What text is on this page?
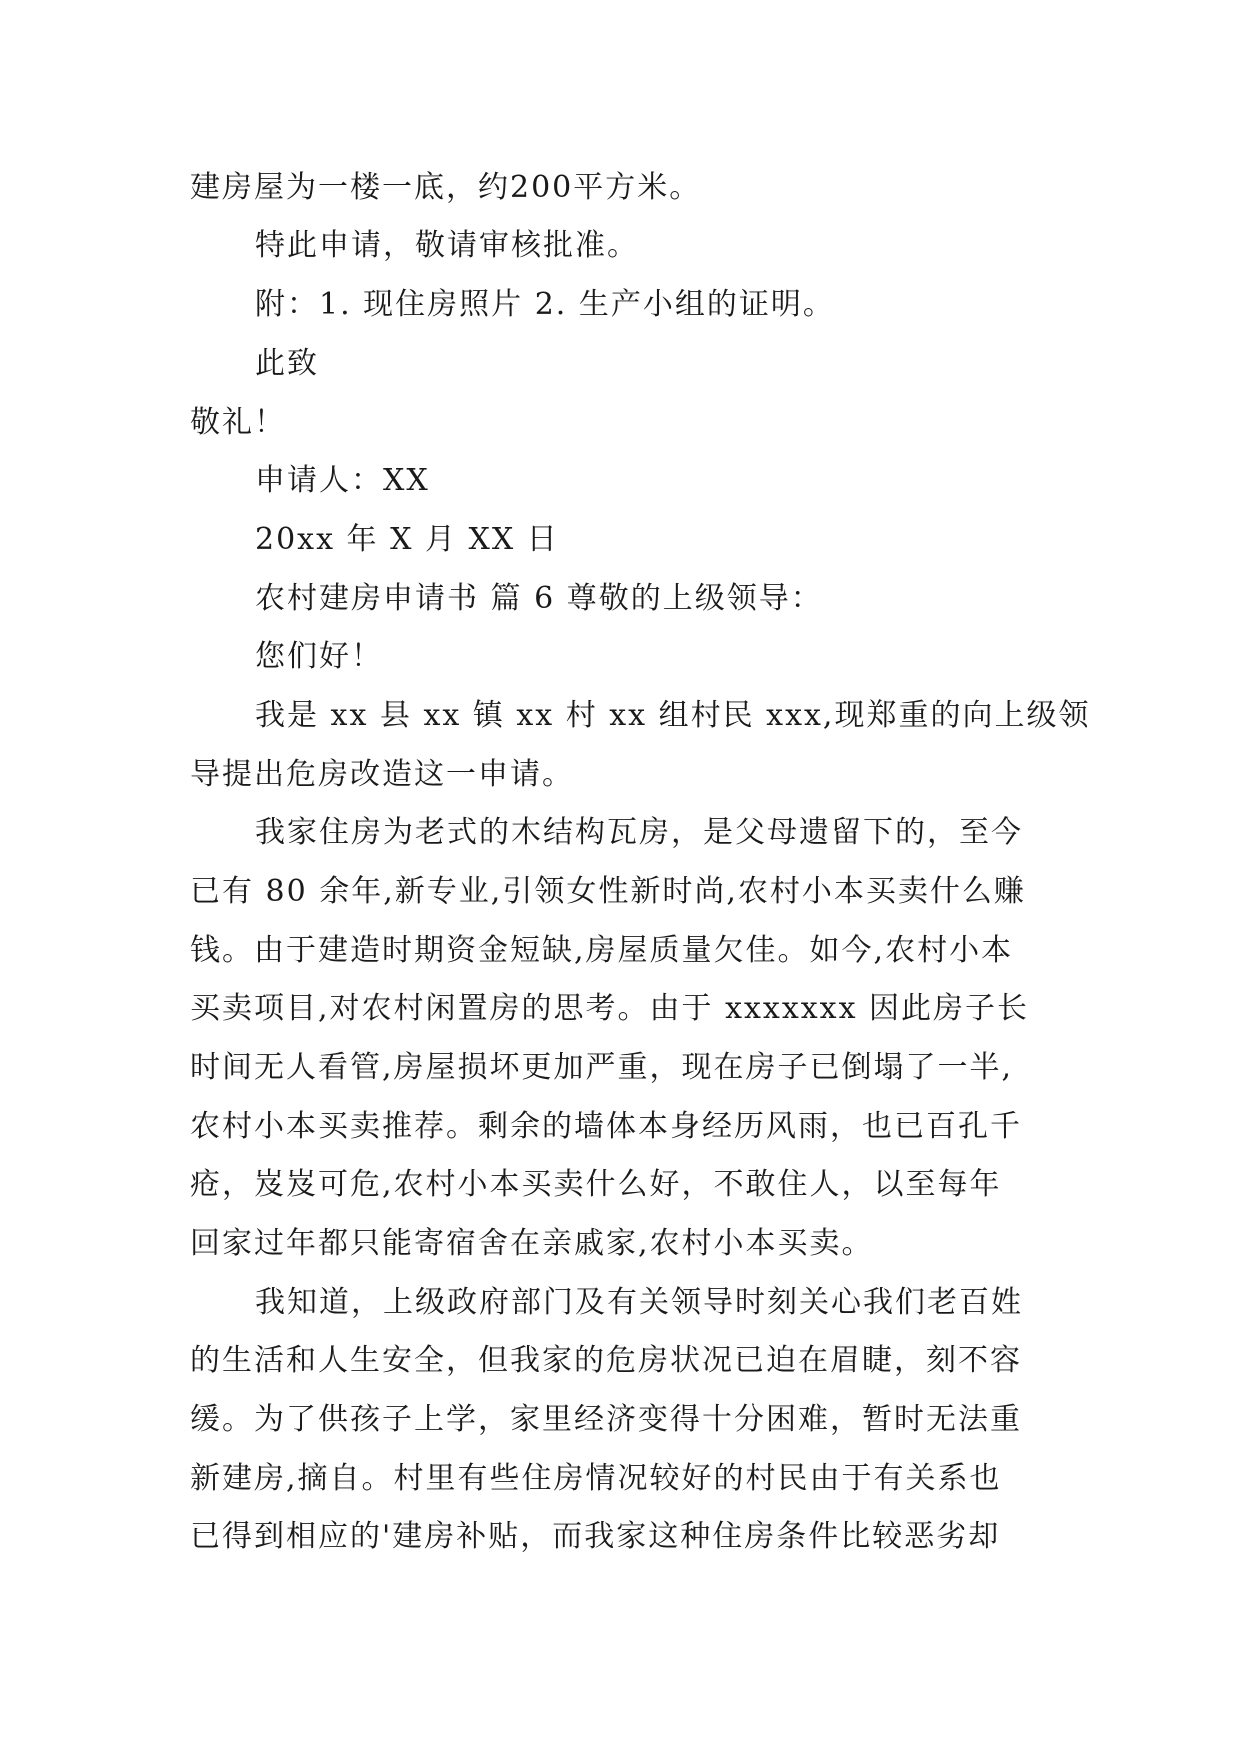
建房屋为一楼一底，约200平方米。
特此申请，敬请审核批准。
附：1. 现住房照片 2. 生产小组的证明。
此致
敬礼！
申请人：XX
20xx 年 X 月 XX 日
农村建房申请书 篇 6 尊敬的上级领导：
您们好！
我是 xx 县 xx 镇 xx 村 xx 组村民 xxx,现郑重的向上级领
导提出危房改造这一申请。
我家住房为老式的木结构瓦房，是父母遗留下的，至今
已有 80 余年,新专业,引领女性新时尚,农村小本买卖什么赚
钱。由于建造时期资金短缺,房屋质量欠佳。如今,农村小本
买卖项目,对农村闲置房的思考。由于 xxxxxxx 因此房子长
时间无人看管,房屋损坏更加严重，现在房子已倒塌了一半,
农村小本买卖推荐。剩余的墙体本身经历风雨，也已百孔千
疮，岌岌可危,农村小本买卖什么好，不敢住人，以至每年
回家过年都只能寄宿舍在亲戚家,农村小本买卖。
我知道，上级政府部门及有关领导时刻关心我们老百姓
的生活和人生安全，但我家的危房状况已迫在眉睫，刻不容
缓。为了供孩子上学，家里经济变得十分困难，暂时无法重
新建房,摘自。村里有些住房情况较好的村民由于有关系也
已得到相应的'建房补贴，而我家这种住房条件比较恶劣却
